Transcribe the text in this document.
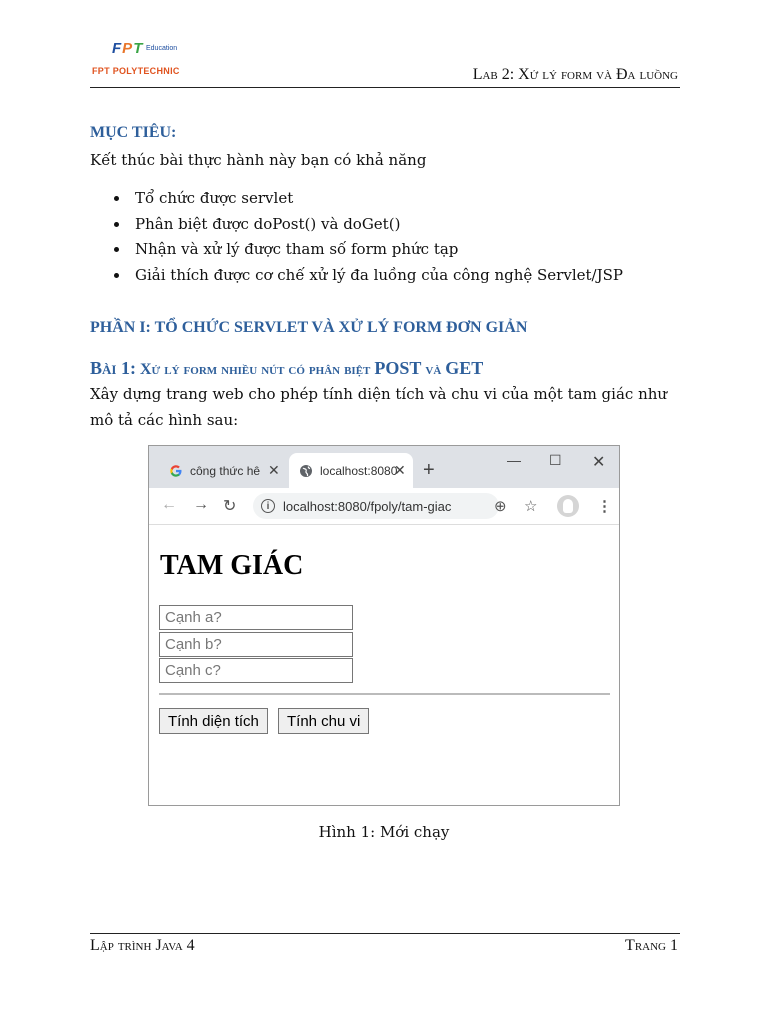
FPT Education
FPT POLYTECHNIC	Lab 2: Xử lý form và Đa luồng
MỤC TIÊU:
Kết thúc bài thực hành này bạn có khả năng
Tổ chức được servlet
Phân biệt được doPost() và doGet()
Nhận và xử lý được tham số form phức tạp
Giải thích được cơ chế xử lý đa luồng của công nghệ Servlet/JSP
PHẦN I: TỔ CHỨC SERVLET VÀ XỬ LÝ FORM ĐƠN GIẢN
Bài 1: Xử lý form nhiều nút có phân biệt POST và GET
Xây dựng trang web cho phép tính diện tích và chu vi của một tam giác như mô tả các hình sau:
công thức hê ✕	localhost:8080
✕ +	— ☐ ✕
← → ↻	i	localhost:8080/fpoly/tam-giac	⊕ ☆	⋮
TAM GIÁC
Cạnh a?
Cạnh b?
Cạnh c?
Tính diện tích	Tính chu vi
Hình 1: Mới chạy
Lập trình Java 4	Trang 1
